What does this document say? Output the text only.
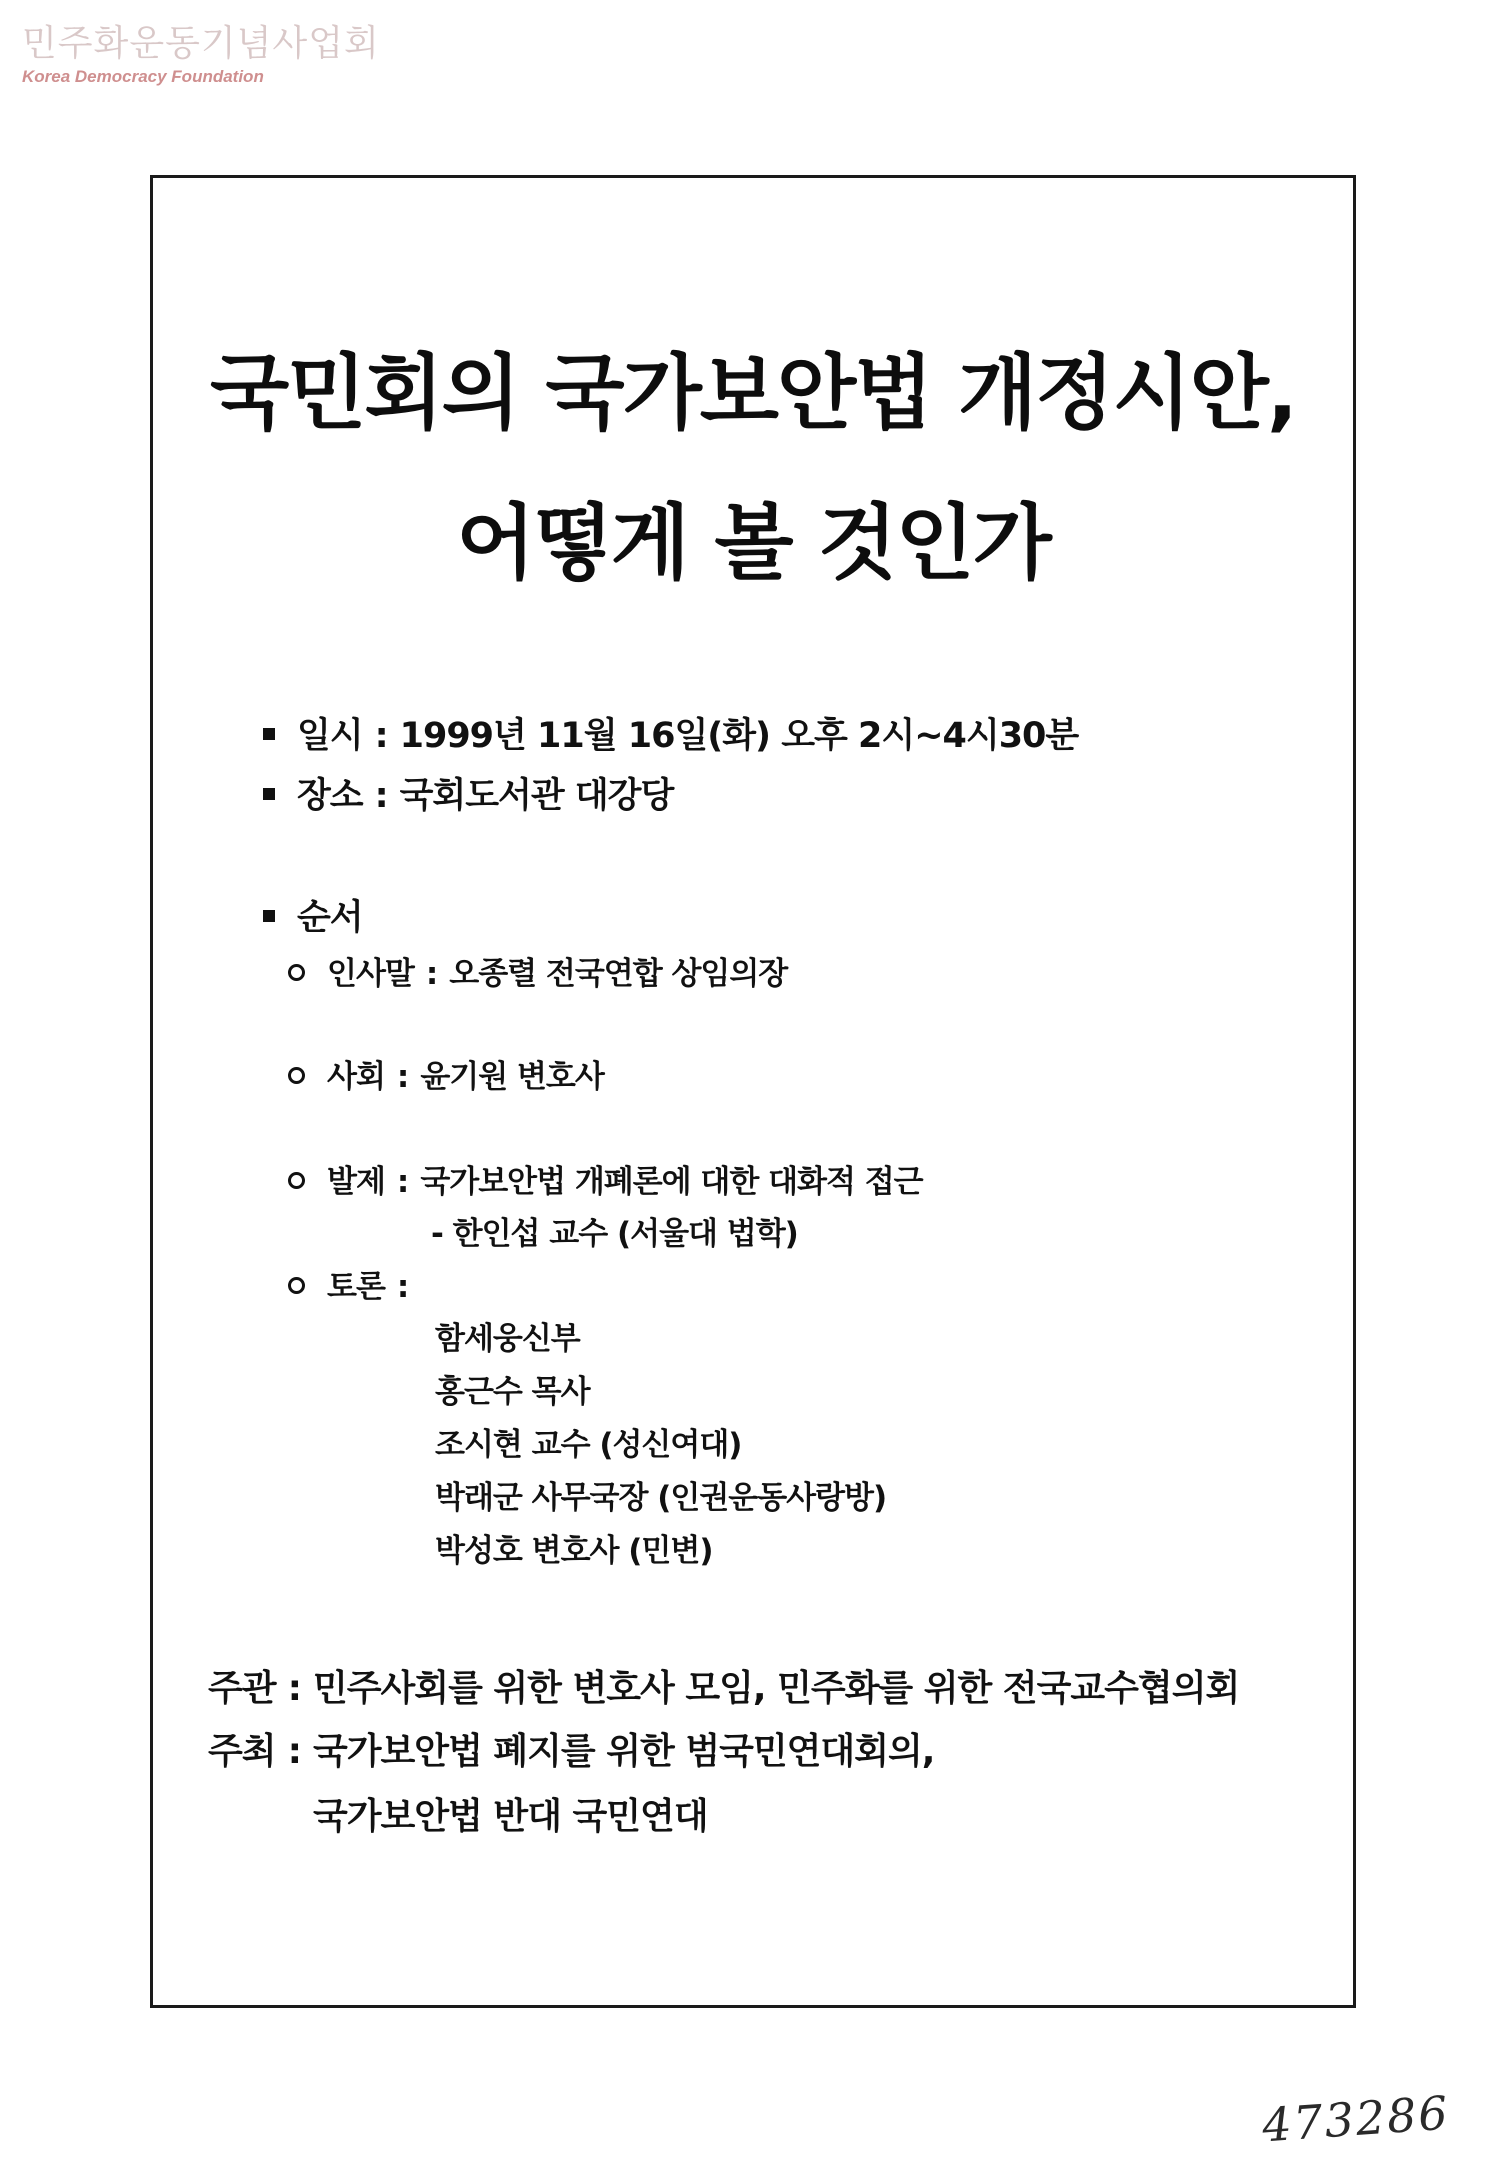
민주화운동기념사업회
Korea Democracy Foundation
국민회의 국가보안법 개정시안,
어떻게 볼 것인가
일시 : 1999년 11월 16일(화) 오후 2시~4시30분
장소 : 국회도서관 대강당
순서
인사말 : 오종렬 전국연합 상임의장
사회 : 윤기원 변호사
발제 : 국가보안법 개폐론에 대한 대화적 접근
- 한인섭 교수 (서울대 법학)
토론 :
함세웅신부
홍근수 목사
조시현 교수 (성신여대)
박래군 사무국장 (인권운동사랑방)
박성호 변호사 (민변)
주관 : 민주사회를 위한 변호사 모임, 민주화를 위한 전국교수협의회
주최 : 국가보안법 폐지를 위한 범국민연대회의,
국가보안법 반대 국민연대
473286
